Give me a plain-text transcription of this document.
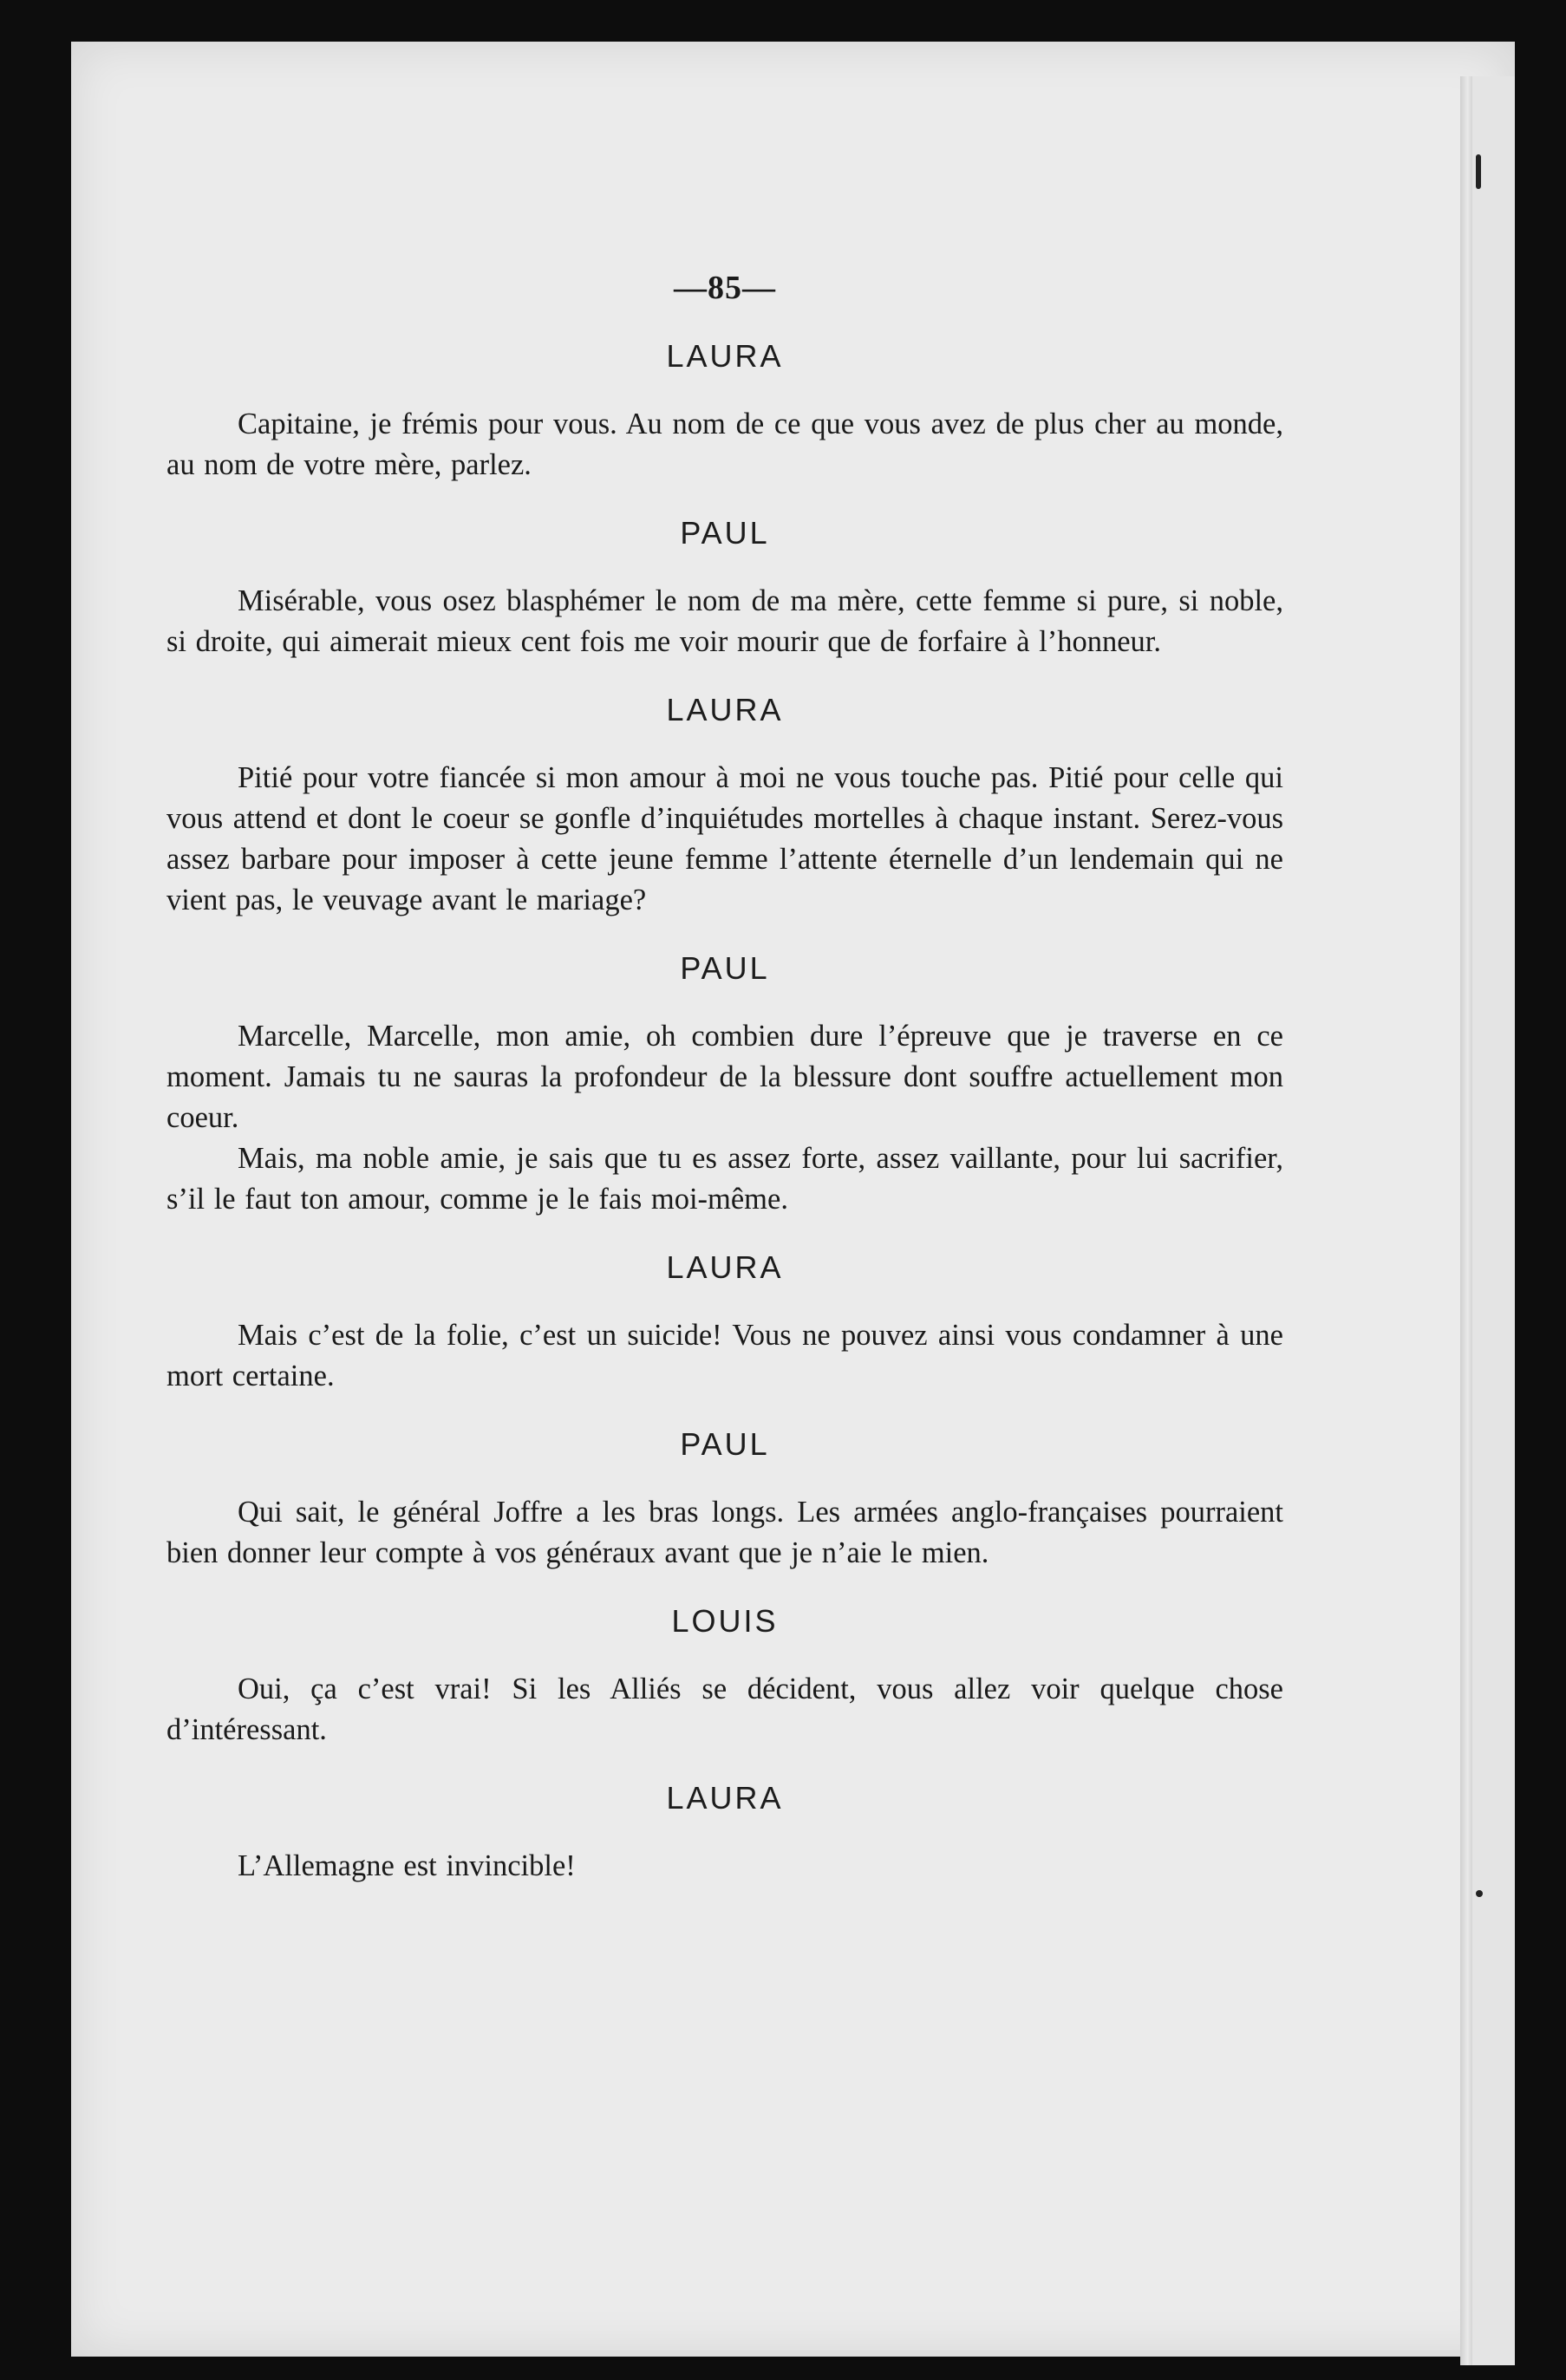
—85—
LAURA

Capitaine, je frémis pour vous. Au nom de ce que vous avez de plus cher au monde, au nom de votre mère, parlez.

PAUL

Misérable, vous osez blasphémer le nom de ma mère, cette femme si pure, si noble, si droite, qui aimerait mieux cent fois me voir mourir que de forfaire à l’honneur.

LAURA

Pitié pour votre fiancée si mon amour à moi ne vous touche pas. Pitié pour celle qui vous attend et dont le coeur se gonfle d’inquiétudes mortelles à chaque instant. Serez-vous assez barbare pour imposer à cette jeune femme l’attente éternelle d’un lendemain qui ne vient pas, le veuvage avant le mariage?

PAUL

Marcelle, Marcelle, mon amie, oh combien dure l’épreuve que je traverse en ce moment. Jamais tu ne sauras la profondeur de la blessure dont souffre actuellement mon coeur.

Mais, ma noble amie, je sais que tu es assez forte, assez vaillante, pour lui sacrifier, s’il le faut ton amour, comme je le fais moi-même.

LAURA

Mais c’est de la folie, c’est un suicide! Vous ne pouvez ainsi vous condamner à une mort certaine.

PAUL

Qui sait, le général Joffre a les bras longs. Les armées anglo-françaises pourraient bien donner leur compte à vos généraux avant que je n’aie le mien.

LOUIS

Oui, ça c’est vrai! Si les Alliés se décident, vous allez voir quelque chose d’intéressant.

LAURA

L’Allemagne est invincible!
